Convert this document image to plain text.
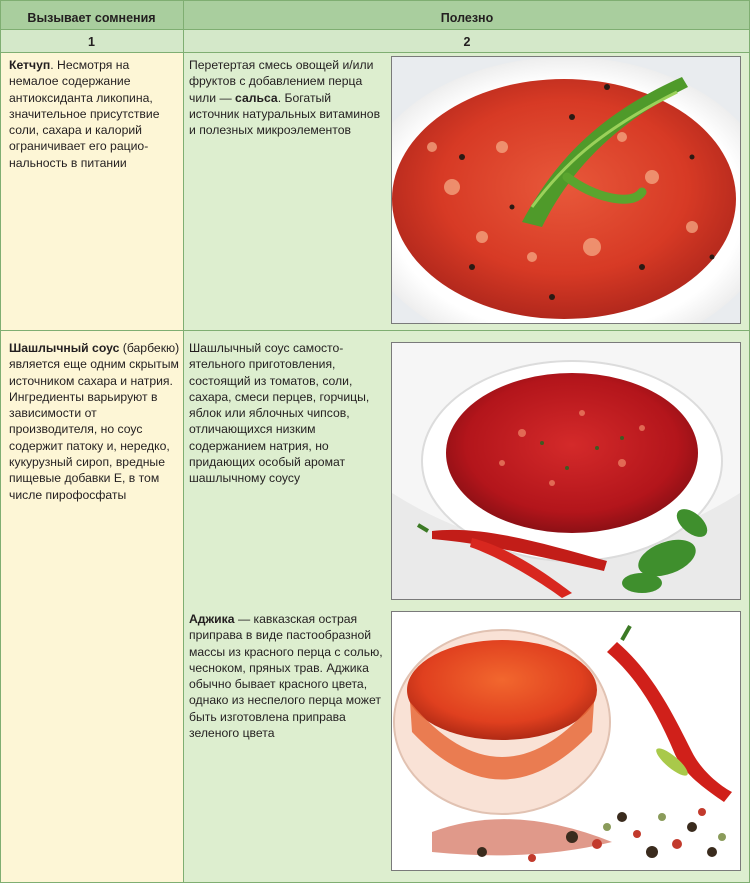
Вызывает сомнения	Полезно
1	2

Кетчуп. Несмотря на немалое содержание антиоксиданта ликопина, значительное присутствие соли, сахара и калорий ограничивает его рациональность в питании

Перетертая смесь овощей и/или фруктов с добавлением перца чили — сальса. Богатый источник натуральных витаминов и полезных микроэлементов

Шашлычный соус (барбекю) является еще одним скрытым источником сахара и натрия. Ингредиенты варьируют в зависимости от производителя, но соус содержит патоку и, нередко, кукурузный сироп, вредные пищевые добавки Е, в том числе пирофосфаты

Шашлычный соус самостоятельного приготовления, состоящий из томатов, соли, сахара, смеси перцев, горчицы, яблок или яблочных чипсов, отличающихся низким содержанием натрия, но придающих особый аромат шашлычному соусу

Аджика — кавказская острая приправа в виде пастообразной массы из красного перца с солью, чесноком, пряных трав. Аджика обычно бывает красного цвета, однако из неспелого перца может быть изготовлена приправа зеленого цвета
